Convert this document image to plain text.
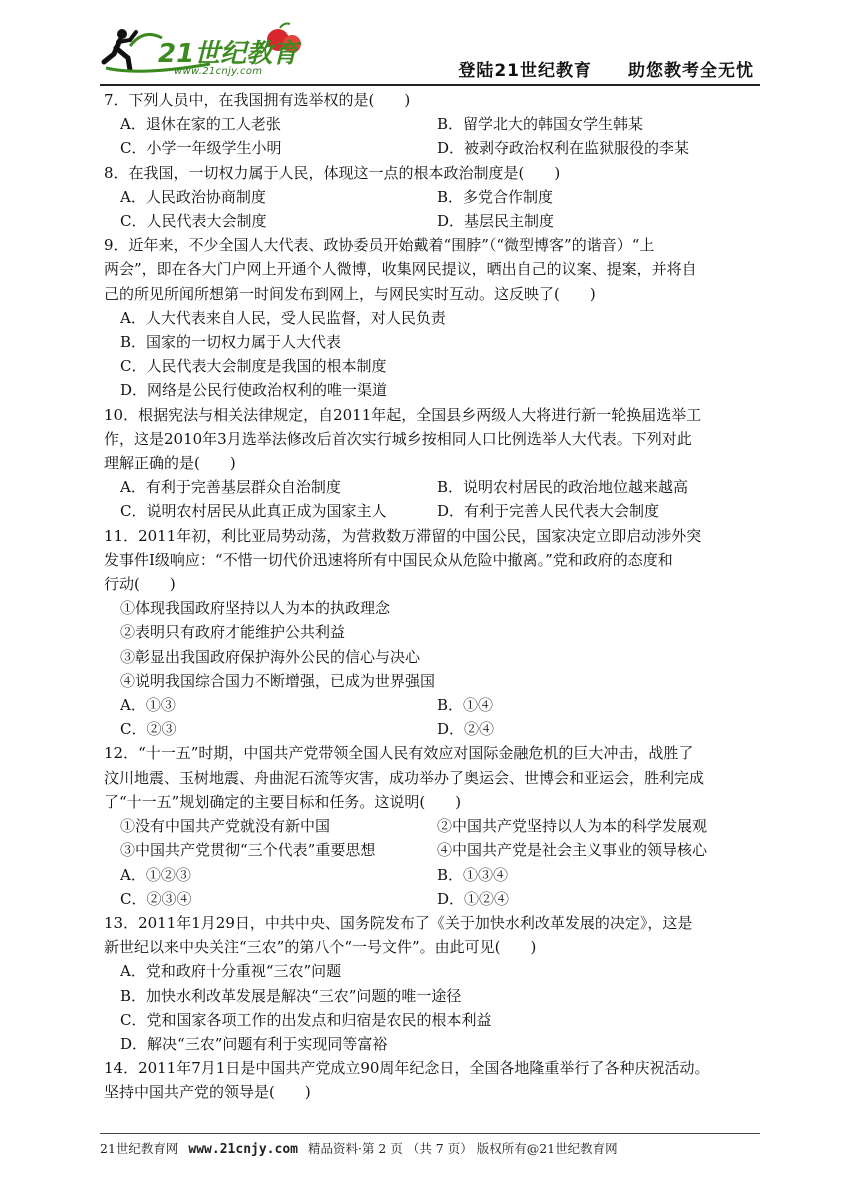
21世纪教育
www.21cnjy.com	登陆21世纪教育　　助您教考全无忧
7．下列人员中，在我国拥有选举权的是(　　)
A．退休在家的工人老张	B．留学北大的韩国女学生韩某
C．小学一年级学生小明	D．被剥夺政治权利在监狱服役的李某
8．在我国，一切权力属于人民，体现这一点的根本政治制度是(　　)
A．人民政治协商制度	B．多党合作制度
C．人民代表大会制度	D．基层民主制度
9．近年来，不少全国人大代表、政协委员开始戴着“围脖”（“微型博客”的谐音）“上
两会”，即在各大门户网上开通个人微博，收集网民提议，晒出自己的议案、提案，并将自
己的所见所闻所想第一时间发布到网上，与网民实时互动。这反映了(　　)
A．人大代表来自人民，受人民监督，对人民负责
B．国家的一切权力属于人大代表
C．人民代表大会制度是我国的根本制度
D．网络是公民行使政治权利的唯一渠道
10．根据宪法与相关法律规定，自2011年起，全国县乡两级人大将进行新一轮换届选举工
作，这是2010年3月选举法修改后首次实行城乡按相同人口比例选举人大代表。下列对此
理解正确的是(　　)
A．有利于完善基层群众自治制度	B．说明农村居民的政治地位越来越高
C．说明农村居民从此真正成为国家主人	D．有利于完善人民代表大会制度
11．2011年初，利比亚局势动荡，为营救数万滞留的中国公民，国家决定立即启动涉外突
发事件Ⅰ级响应：“不惜一切代价迅速将所有中国民众从危险中撤离。”党和政府的态度和
行动(　　)
①体现我国政府坚持以人为本的执政理念
②表明只有政府才能维护公共利益
③彰显出我国政府保护海外公民的信心与决心
④说明我国综合国力不断增强，已成为世界强国
A．①③	B．①④
C．②③	D．②④
12．“十一五”时期，中国共产党带领全国人民有效应对国际金融危机的巨大冲击，战胜了
汶川地震、玉树地震、舟曲泥石流等灾害，成功举办了奥运会、世博会和亚运会，胜利完成
了“十一五”规划确定的主要目标和任务。这说明(　　)
①没有中国共产党就没有新中国	②中国共产党坚持以人为本的科学发展观
③中国共产党贯彻“三个代表”重要思想	④中国共产党是社会主义事业的领导核心
A．①②③	B．①③④
C．②③④	D．①②④
13．2011年1月29日，中共中央、国务院发布了《关于加快水利改革发展的决定》，这是
新世纪以来中央关注“三农”的第八个“一号文件”。由此可见(　　)
A．党和政府十分重视“三农”问题
B．加快水利改革发展是解决“三农”问题的唯一途径
C．党和国家各项工作的出发点和归宿是农民的根本利益
D．解决“三农”问题有利于实现同等富裕
14．2011年7月1日是中国共产党成立90周年纪念日，全国各地隆重举行了各种庆祝活动。
坚持中国共产党的领导是(　　)
21世纪教育网 www.21cnjy.com 精品资料·第 2 页 （共 7 页） 版权所有@21世纪教育网
